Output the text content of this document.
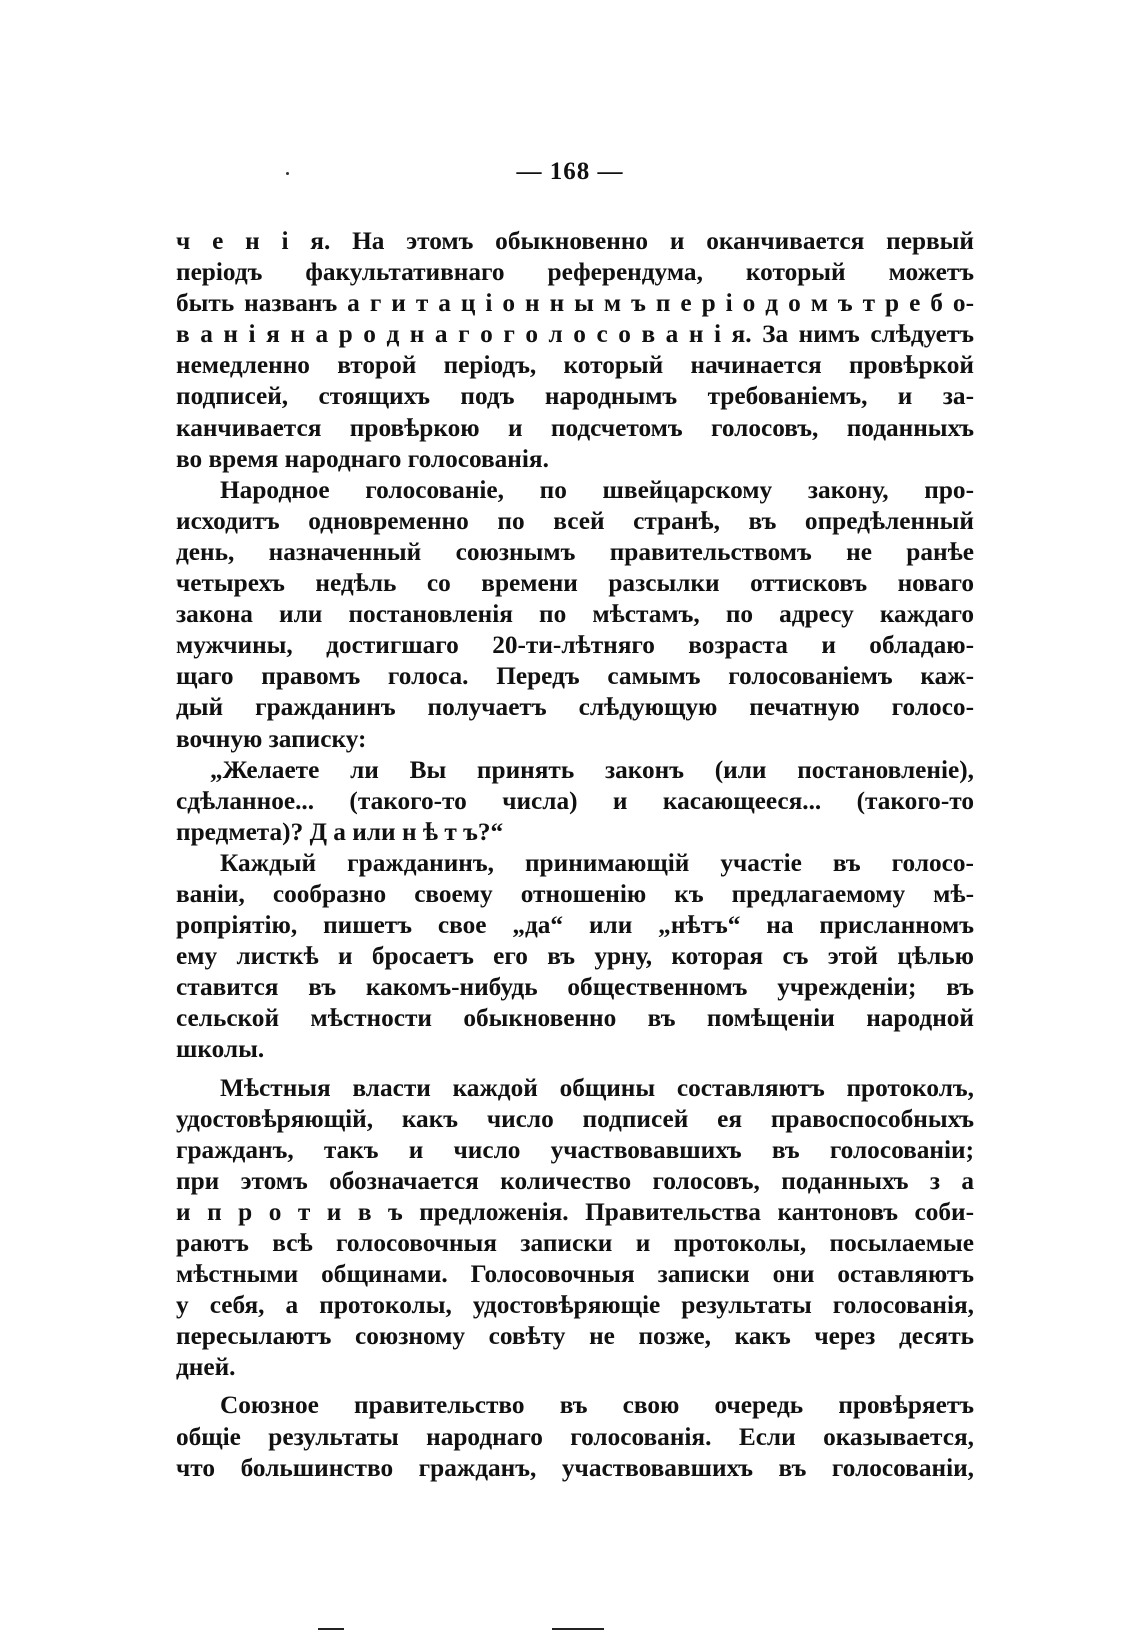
— 168 —
ч е н і я. На этомъ обыкновенно и оканчивается первый
періодъ факультативнаго референдума, который можетъ
быть названъ а г и т а ц і о н н ы м ъ п е р і о д о м ъ т р е б о-
в а н і я н а р о д н а г о г о л о с о в а н і я. За нимъ слѣдуетъ
немедленно второй періодъ, который начинается провѣркой
подписей, стоящихъ подъ народнымъ требованіемъ, и за-
канчивается провѣркою и подсчетомъ голосовъ, поданныхъ
во время народнаго голосованія.
Народное голосованіе, по швейцарскому закону, про-
исходитъ одновременно по всей странѣ, въ опредѣленный
день, назначенный союзнымъ правительствомъ не ранѣе
четырехъ недѣль со времени разсылки оттисковъ новаго
закона или постановленія по мѣстамъ, по адресу каждаго
мужчины, достигшаго 20-ти-лѣтняго возраста и обладаю-
щаго правомъ голоса. Передъ самымъ голосованіемъ каж-
дый гражданинъ получаетъ слѣдующую печатную голосо-
вочную записку:
„Желаете ли Вы принять законъ (или постановленіе),
сдѣланное... (такого-то числа) и касающееся... (такого-то
предмета)? Д а или н ѣ т ъ?“
Каждый гражданинъ, принимающій участіе въ голосо-
ваніи, сообразно своему отношенію къ предлагаемому мѣ-
ропріятію, пишетъ свое „да“ или „нѣтъ“ на присланномъ
ему листкѣ и бросаетъ его въ урну, которая съ этой цѣлью
ставится въ какомъ-нибудь общественномъ учрежденіи; въ
сельской мѣстности обыкновенно въ помѣщеніи народной
школы.
Мѣстныя власти каждой общины составляютъ протоколъ,
удостовѣряющій, какъ число подписей ея правоспособныхъ
гражданъ, такъ и число участвовавшихъ въ голосованіи;
при этомъ обозначается количество голосовъ, поданныхъ з а
и п р о т и в ъ предложенія. Правительства кантоновъ соби-
раютъ всѣ голосовочныя записки и протоколы, посылаемые
мѣстными общинами. Голосовочныя записки они оставляютъ
у себя, а протоколы, удостовѣряющіе результаты голосованія,
пересылаютъ союзному совѣту не позже, какъ через десять
дней.
Союзное правительство въ свою очередь провѣряетъ
общіе результаты народнаго голосованія. Если оказывается,
что большинство гражданъ, участвовавшихъ въ голосованіи,
